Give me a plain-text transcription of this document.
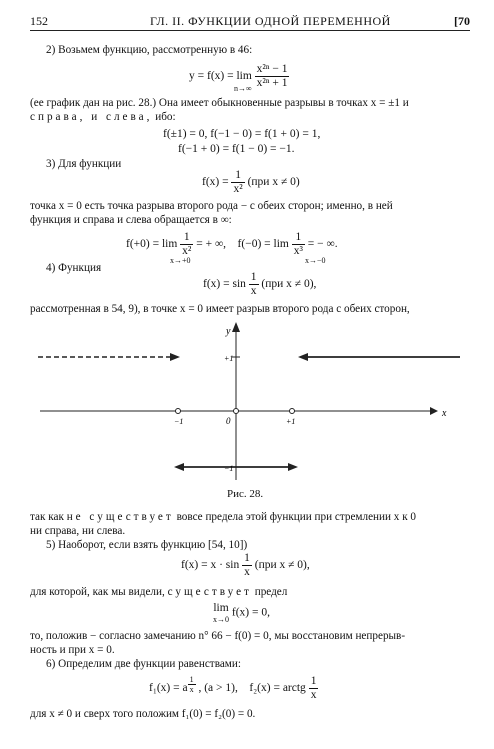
152	ГЛ. II. ФУНКЦИИ ОДНОЙ ПЕРЕМЕННОЙ	[70
2) Возьмем функцию, рассмотренную в 46:
$y = f(x) = \lim \frac{\text{x²ⁿ − 1}}{\text{x²ⁿ + 1}}$
n→∞
(ее график дан на рис. 28.) Она имеет обыкновенные разрывы в точках x = ±1 и
справа, и слева, ибо:
f(±1) = 0, f(−1 − 0) = f(1 + 0) = 1,
f(−1 + 0) = f(1 − 0) = −1.
3) Для функции
$f(x) = \frac{1}{\text{x²}} (при$ x ≠ 0)
точка x = 0 есть точка разрыва второго рода − с обеих сторон; именно, в ней
функция и справа и слева обращается в ∞:
$f(+0) = \lim \frac{1}{\text{x²}}$ = + ∞, $f(-0) = \lim \frac{1}{\text{x³}}$ = − ∞.
x→+0	x→−0
4) Функция
$f(x) = \sin \frac{1}{x} (при$ x ≠ 0),
рассмотренная в 54, 9), в точке x = 0 имеет разрыв второго рода с обеих сторон,
y
x
+1
−1
−1	0	+1
Рис. 28.
так как не существует вовсе предела этой функции при стремлении x к 0
ни справа, ни слева.
5) Наоборот, если взять функцию [54, 10])
$f(x) = x \cdot \sin \frac{1}{x} (при$ x ≠ 0),
для которой, как мы видели, существует предел
lim
x→0
f(x) = 0,
то, положив − согласно замечанию n° 66 − f(0) = 0, мы восстановим непрерыв-
ность и при x = 0.
6) Определим две функции равенствами:
f₁(x) = a $^{\frac{1}{x}}$ , (a > 1), f₂(x) = arctg $\frac{1}{x}$
для x ≠ 0 и сверх того положим f₁(0) = f₂(0) = 0.
